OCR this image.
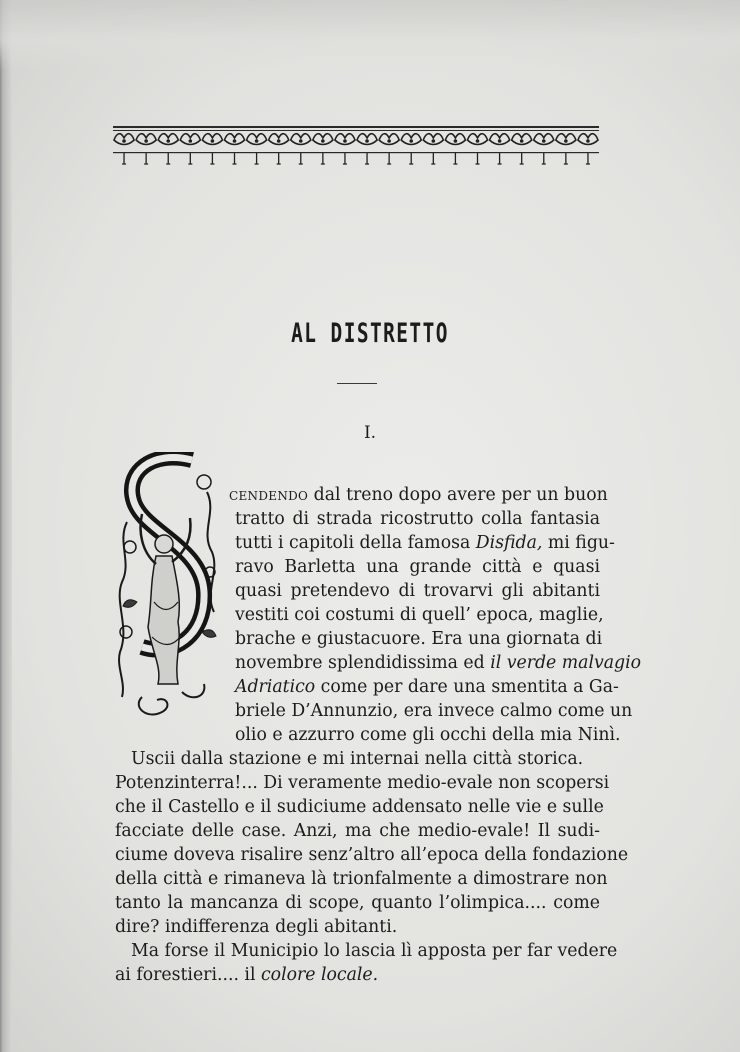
AL DISTRETTO
I.
cendendo dal treno dopo avere per un buon
tratto di strada ricostrutto colla fantasia
tutti i capitoli della famosa Disfida, mi figu-
ravo Barletta una grande città e quasi
quasi pretendevo di trovarvi gli abitanti
vestiti coi costumi di quell’ epoca, maglie,
brache e giustacuore. Era una giornata di
novembre splendidissima ed il verde malvagio
Adriatico come per dare una smentita a Ga-
briele D’Annunzio, era invece calmo come un
olio e azzurro come gli occhi della mia Ninì.
Uscii dalla stazione e mi internai nella città storica.
Potenzinterra!... Di veramente medio-evale non scopersi
che il Castello e il sudiciume addensato nelle vie e sulle
facciate delle case. Anzi, ma che medio-evale! Il sudi-
ciume doveva risalire senz’altro all’epoca della fondazione
della città e rimaneva là trionfalmente a dimostrare non
tanto la mancanza di scope, quanto l’olimpica.... come
dire? indifferenza degli abitanti.
Ma forse il Municipio lo lascia lì apposta per far vedere
ai forestieri.... il colore locale.
